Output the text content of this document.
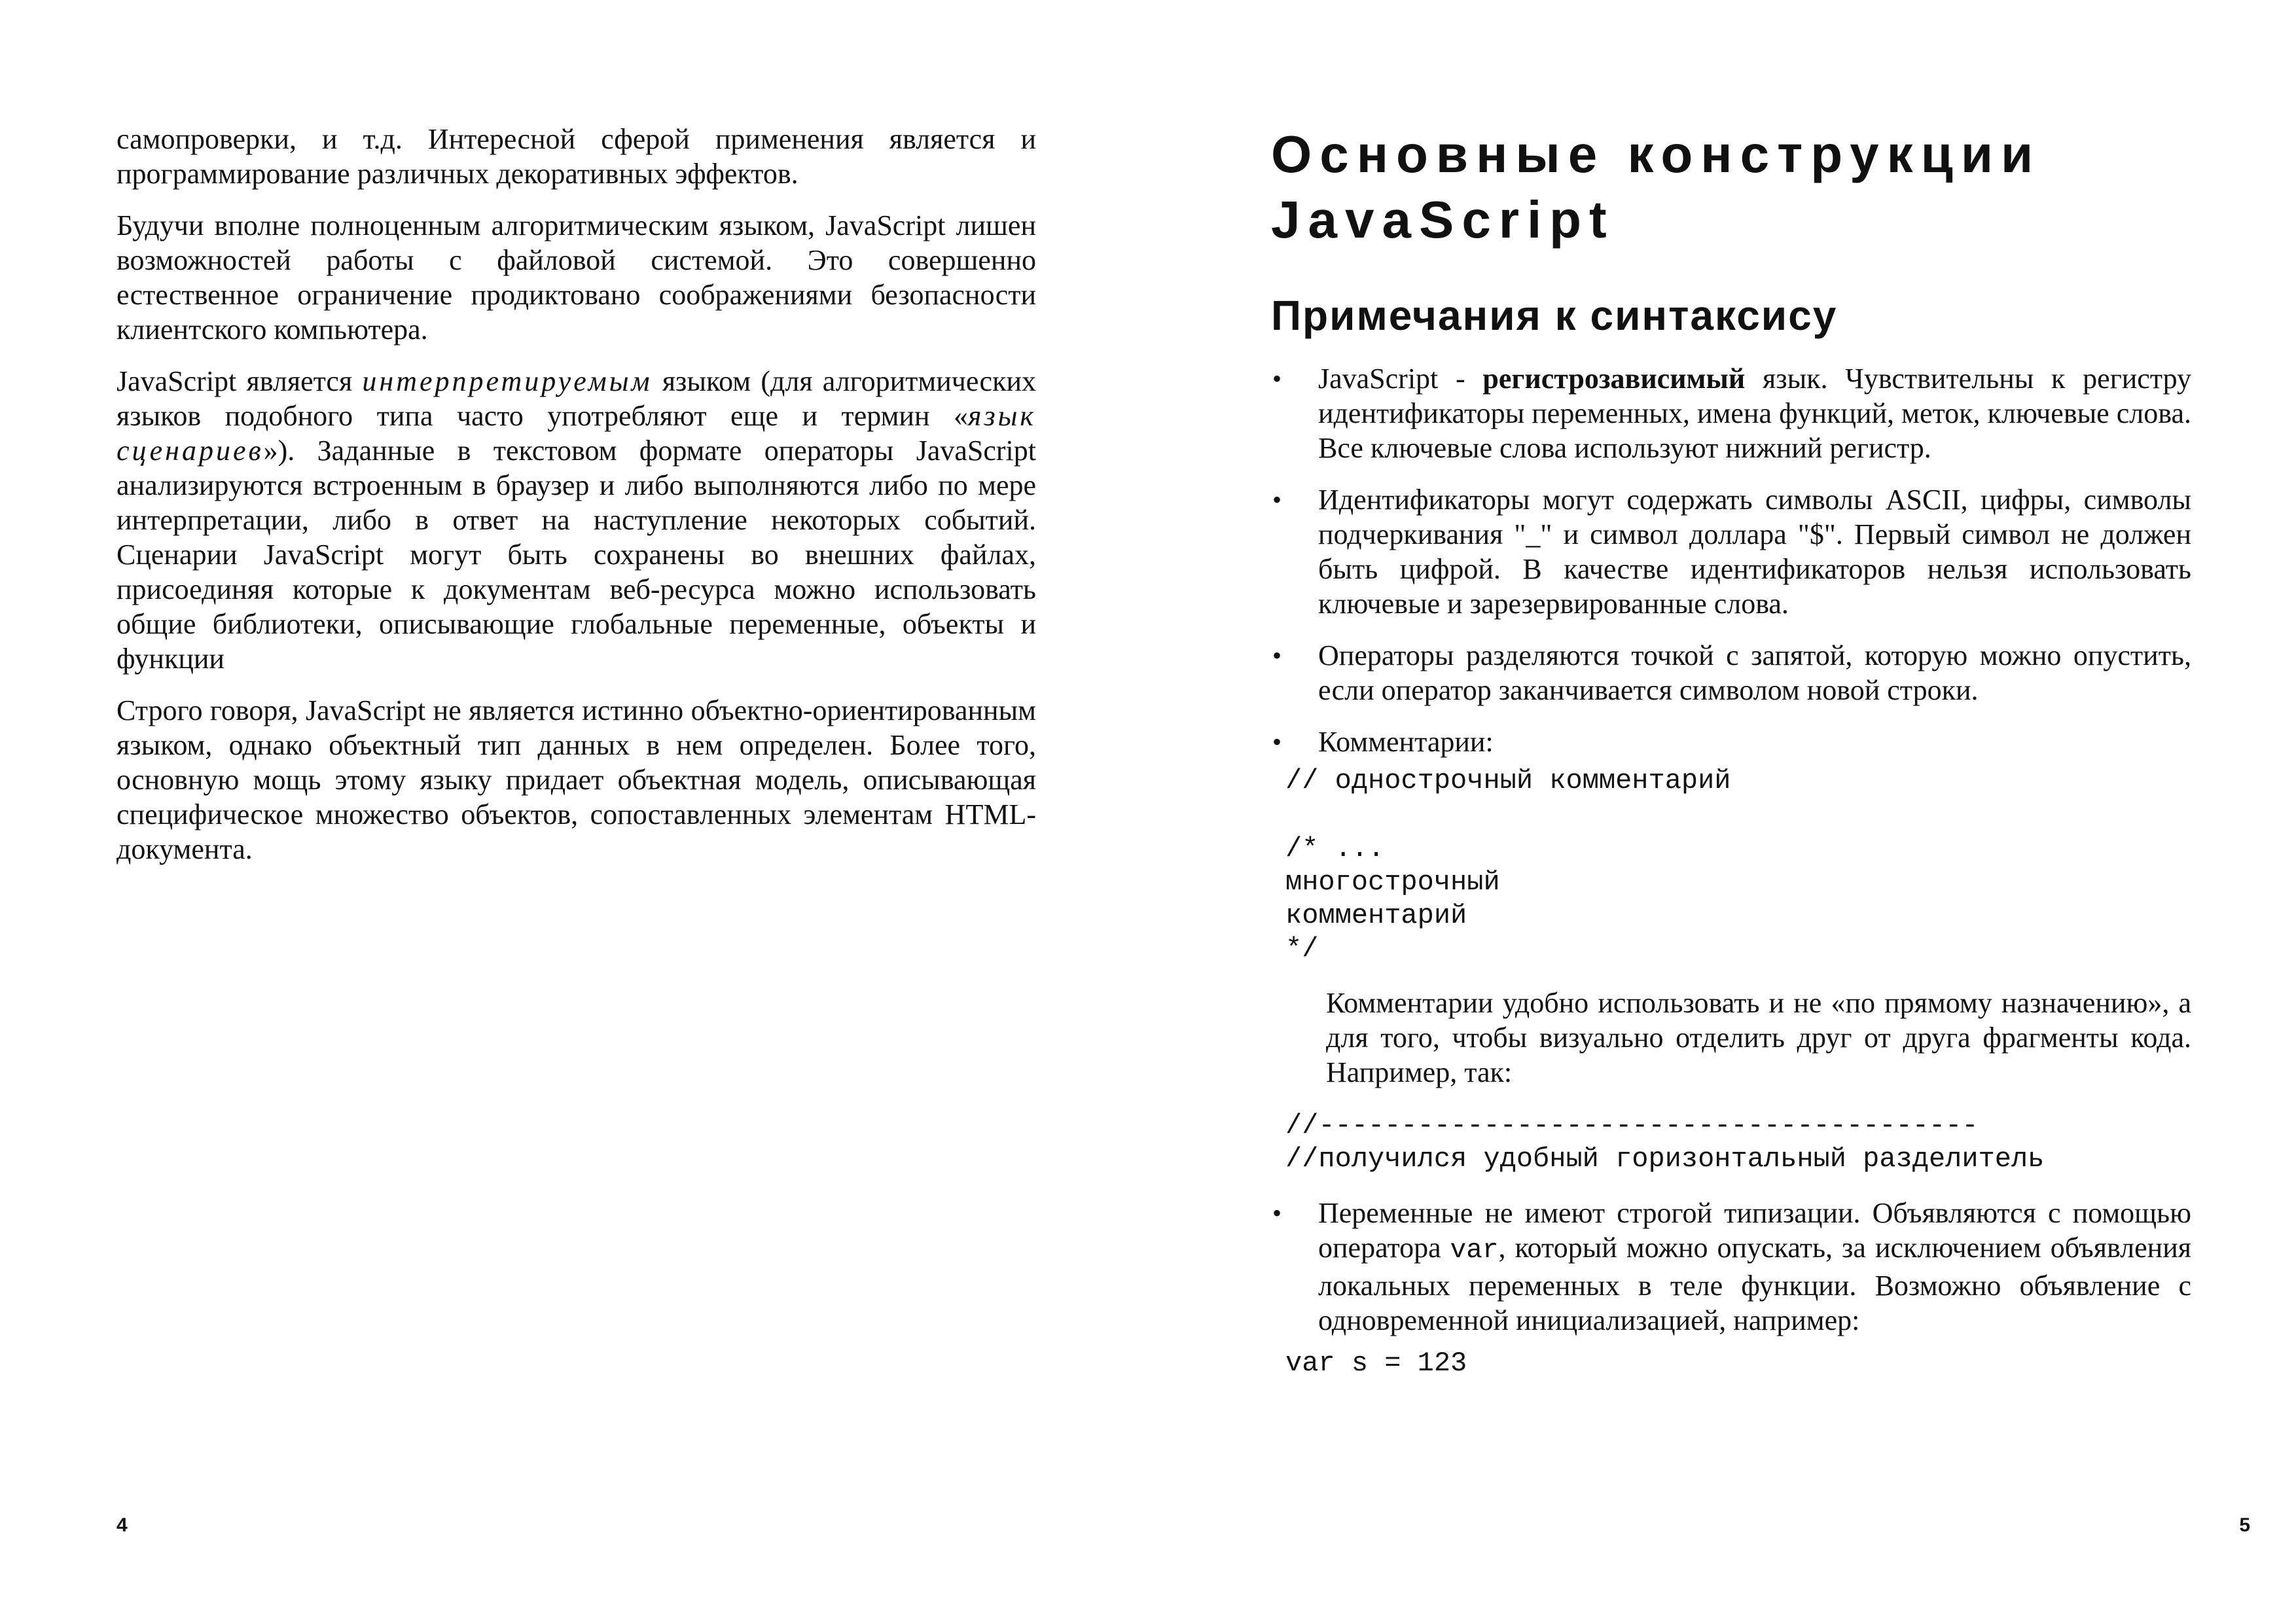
самопроверки, и т.д. Интересной сферой применения является и программирование различных декоративных эффектов.

Будучи вполне полноценным алгоритмическим языком, JavaScript лишен возможностей работы с файловой системой. Это совершенно естественное ограничение продиктовано соображениями безопасности клиентского компьютера.

JavaScript является интерпретируемым языком (для алгоритмических языков подобного типа часто употребляют еще и термин «язык сценариев»). Заданные в текстовом формате операторы JavaScript анализируются встроенным в браузер и либо выполняются либо по мере интерпретации, либо в ответ на наступление некоторых событий. Сценарии JavaScript могут быть сохранены во внешних файлах, присоединяя которые к документам веб-ресурса можно использовать общие библиотеки, описывающие глобальные переменные, объекты и функции

Строго говоря, JavaScript не является истинно объектно-ориентированным языком, однако объектный тип данных в нем определен. Более того, основную мощь этому языку придает объектная модель, описывающая специфическое множество объектов, сопоставленных элементам HTML-документа.

4
Основные конструкции
JavaScript
Примечания к синтаксису
• JavaScript - регистрозависимый язык. Чувствительны к регистру идентификаторы переменных, имена функций, меток, ключевые слова. Все ключевые слова используют нижний регистр.
• Идентификаторы могут содержать символы ASCII, цифры, символы подчеркивания "_" и символ доллара "$". Первый символ не должен быть цифрой. В качестве идентификаторов нельзя использовать ключевые и зарезервированные слова.
• Операторы разделяются точкой с запятой, которую можно опустить, если оператор заканчивается символом новой строки.
• Комментарии:
// однострочный комментарий
/* ...
многострочный
комментарий
*/

Комментарии удобно использовать и не «по прямому назначению», а для того, чтобы визуально отделить друг от друга фрагменты кода. Например, так:

//----------------------------------------
//получился удобный горизонтальный разделитель
• Переменные не имеют строгой типизации. Объявляются с помощью оператора var, который можно опускать, за исключением объявления локальных переменных в теле функции. Возможно объявление с одновременной инициализацией, например:
var s = 123
5
